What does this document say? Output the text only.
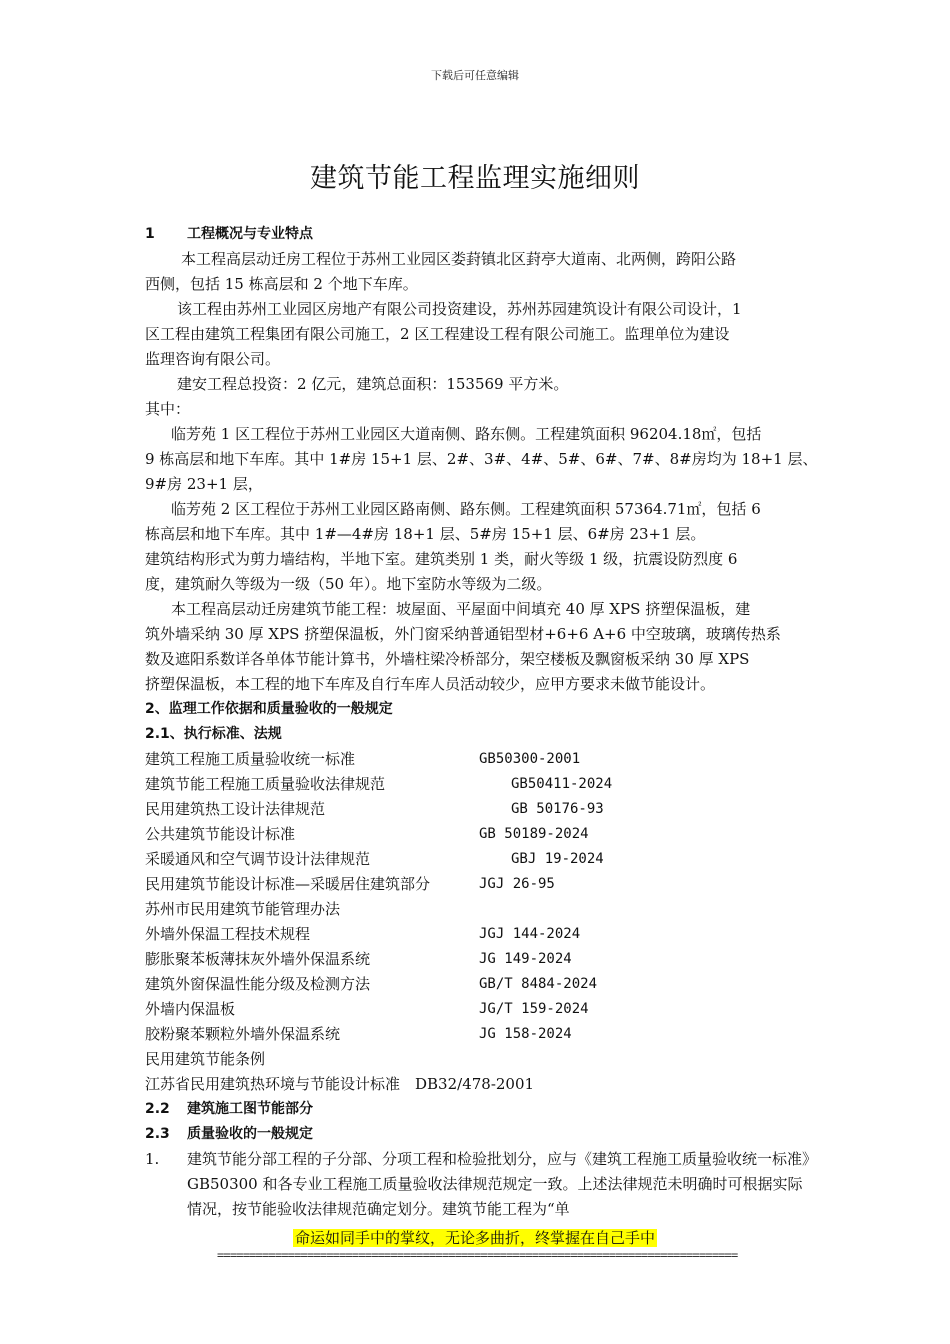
下载后可任意编辑
建筑节能工程监理实施细则
1 工程概况与专业特点
本工程高层动迁房工程位于苏州工业园区娄葑镇北区葑亭大道南、北两侧，跨阳公路
西侧，包括 15 栋高层和 2 个地下车库。
该工程由苏州工业园区房地产有限公司投资建设，苏州苏园建筑设计有限公司设计，1
区工程由建筑工程集团有限公司施工，2 区工程建设工程有限公司施工。监理单位为建设
监理咨询有限公司。
建安工程总投资：2 亿元，建筑总面积：153569 平方米。
其中：
临芳苑 1 区工程位于苏州工业园区大道南侧、路东侧。工程建筑面积 96204.18㎡，包括
9 栋高层和地下车库。其中 1#房 15+1 层、2#、3#、4#、5#、6#、7#、8#房均为 18+1 层、
9#房 23+1 层，
临芳苑 2 区工程位于苏州工业园区路南侧、路东侧。工程建筑面积 57364.71㎡，包括 6
栋高层和地下车库。其中 1#—4#房 18+1 层、5#房 15+1 层、6#房 23+1 层。
建筑结构形式为剪力墙结构，半地下室。建筑类别 1 类，耐火等级 1 级，抗震设防烈度 6
度，建筑耐久等级为一级（50 年）。地下室防水等级为二级。
本工程高层动迁房建筑节能工程：坡屋面、平屋面中间填充 40 厚 XPS 挤塑保温板，建
筑外墙采纳 30 厚 XPS 挤塑保温板，外门窗采纳普通铝型材+6+6 A+6 中空玻璃，玻璃传热系
数及遮阳系数详各单体节能计算书，外墙柱梁冷桥部分，架空楼板及飘窗板采纳 30 厚 XPS
挤塑保温板，本工程的地下车库及自行车库人员活动较少，应甲方要求未做节能设计。
2、监理工作依据和质量验收的一般规定
2.1、执行标准、法规
建筑工程施工质量验收统一标准	GB50300-2001
建筑节能工程施工质量验收法律规范	GB50411-2024
民用建筑热工设计法律规范	GB 50176-93
公共建筑节能设计标准	GB 50189-2024
采暖通风和空气调节设计法律规范	GBJ 19-2024
民用建筑节能设计标准—采暖居住建筑部分	JGJ 26-95
苏州市民用建筑节能管理办法
外墙外保温工程技术规程	JGJ 144-2024
膨胀聚苯板薄抹灰外墙外保温系统	JG 149-2024
建筑外窗保温性能分级及检测方法	GB/T 8484-2024
外墙内保温板	JG/T 159-2024
胶粉聚苯颗粒外墙外保温系统	JG 158-2024
民用建筑节能条例
江苏省民用建筑热环境与节能设计标准　DB32/478-2001
2.2 建筑施工图节能部分
2.3 质量验收的一般规定
1.	建筑节能分部工程的子分部、分项工程和检验批划分，应与《建筑工程施工质量验收统一标准》GB50300 和各专业工程施工质量验收法律规范规定一致。上述法律规范未明确时可根据实际情况，按节能验收法律规范确定划分。建筑节能工程为“单
命运如同手中的掌纹，无论多曲折，终掌握在自己手中
=================================================================================
